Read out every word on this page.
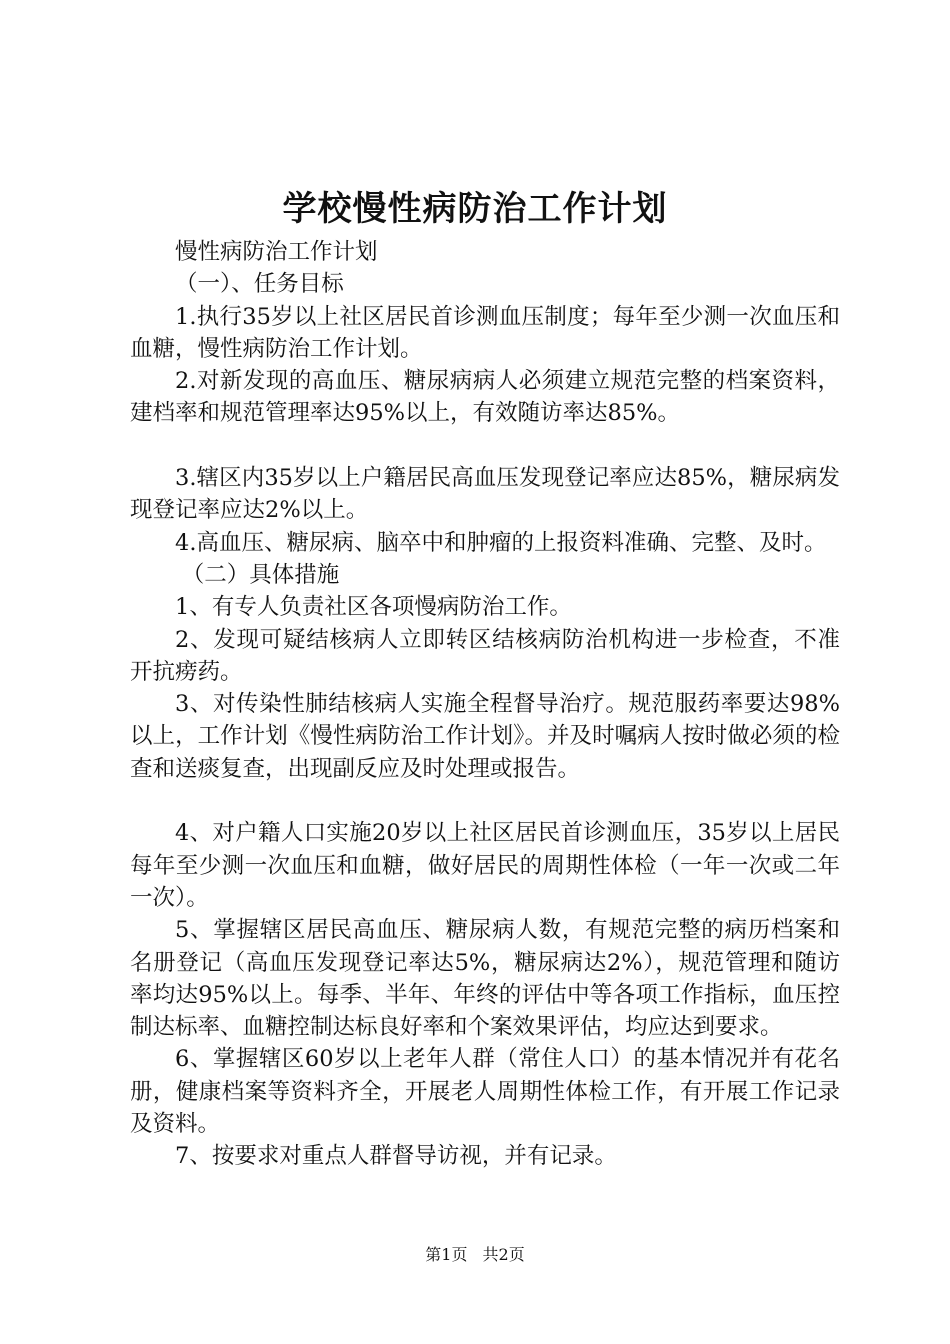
学校慢性病防治工作计划

慢性病防治工作计划

（一）、任务目标

1.执行35岁以上社区居民首诊测血压制度；每年至少测一次血压和血糖，慢性病防治工作计划。

2.对新发现的高血压、糖尿病病人必须建立规范完整的档案资料，建档率和规范管理率达95%以上，有效随访率达85%。

3.辖区内35岁以上户籍居民高血压发现登记率应达85%，糖尿病发现登记率应达2%以上。

4.高血压、糖尿病、脑卒中和肿瘤的上报资料准确、完整、及时。

（二）具体措施

1、有专人负责社区各项慢病防治工作。

2、发现可疑结核病人立即转区结核病防治机构进一步检查，不准开抗痨药。

3、对传染性肺结核病人实施全程督导治疗。规范服药率要达98%以上，工作计划《慢性病防治工作计划》。并及时嘱病人按时做必须的检查和送痰复查，出现副反应及时处理或报告。

4、对户籍人口实施20岁以上社区居民首诊测血压，35岁以上居民每年至少测一次血压和血糖，做好居民的周期性体检（一年一次或二年一次）。

5、掌握辖区居民高血压、糖尿病人数，有规范完整的病历档案和名册登记（高血压发现登记率达5%，糖尿病达2%），规范管理和随访率均达95%以上。每季、半年、年终的评估中等各项工作指标，血压控制达标率、血糖控制达标良好率和个案效果评估，均应达到要求。

6、掌握辖区60岁以上老年人群（常住人口）的基本情况并有花名册，健康档案等资料齐全，开展老人周期性体检工作，有开展工作记录及资料。

7、按要求对重点人群督导访视，并有记录。

第1页 共2页
